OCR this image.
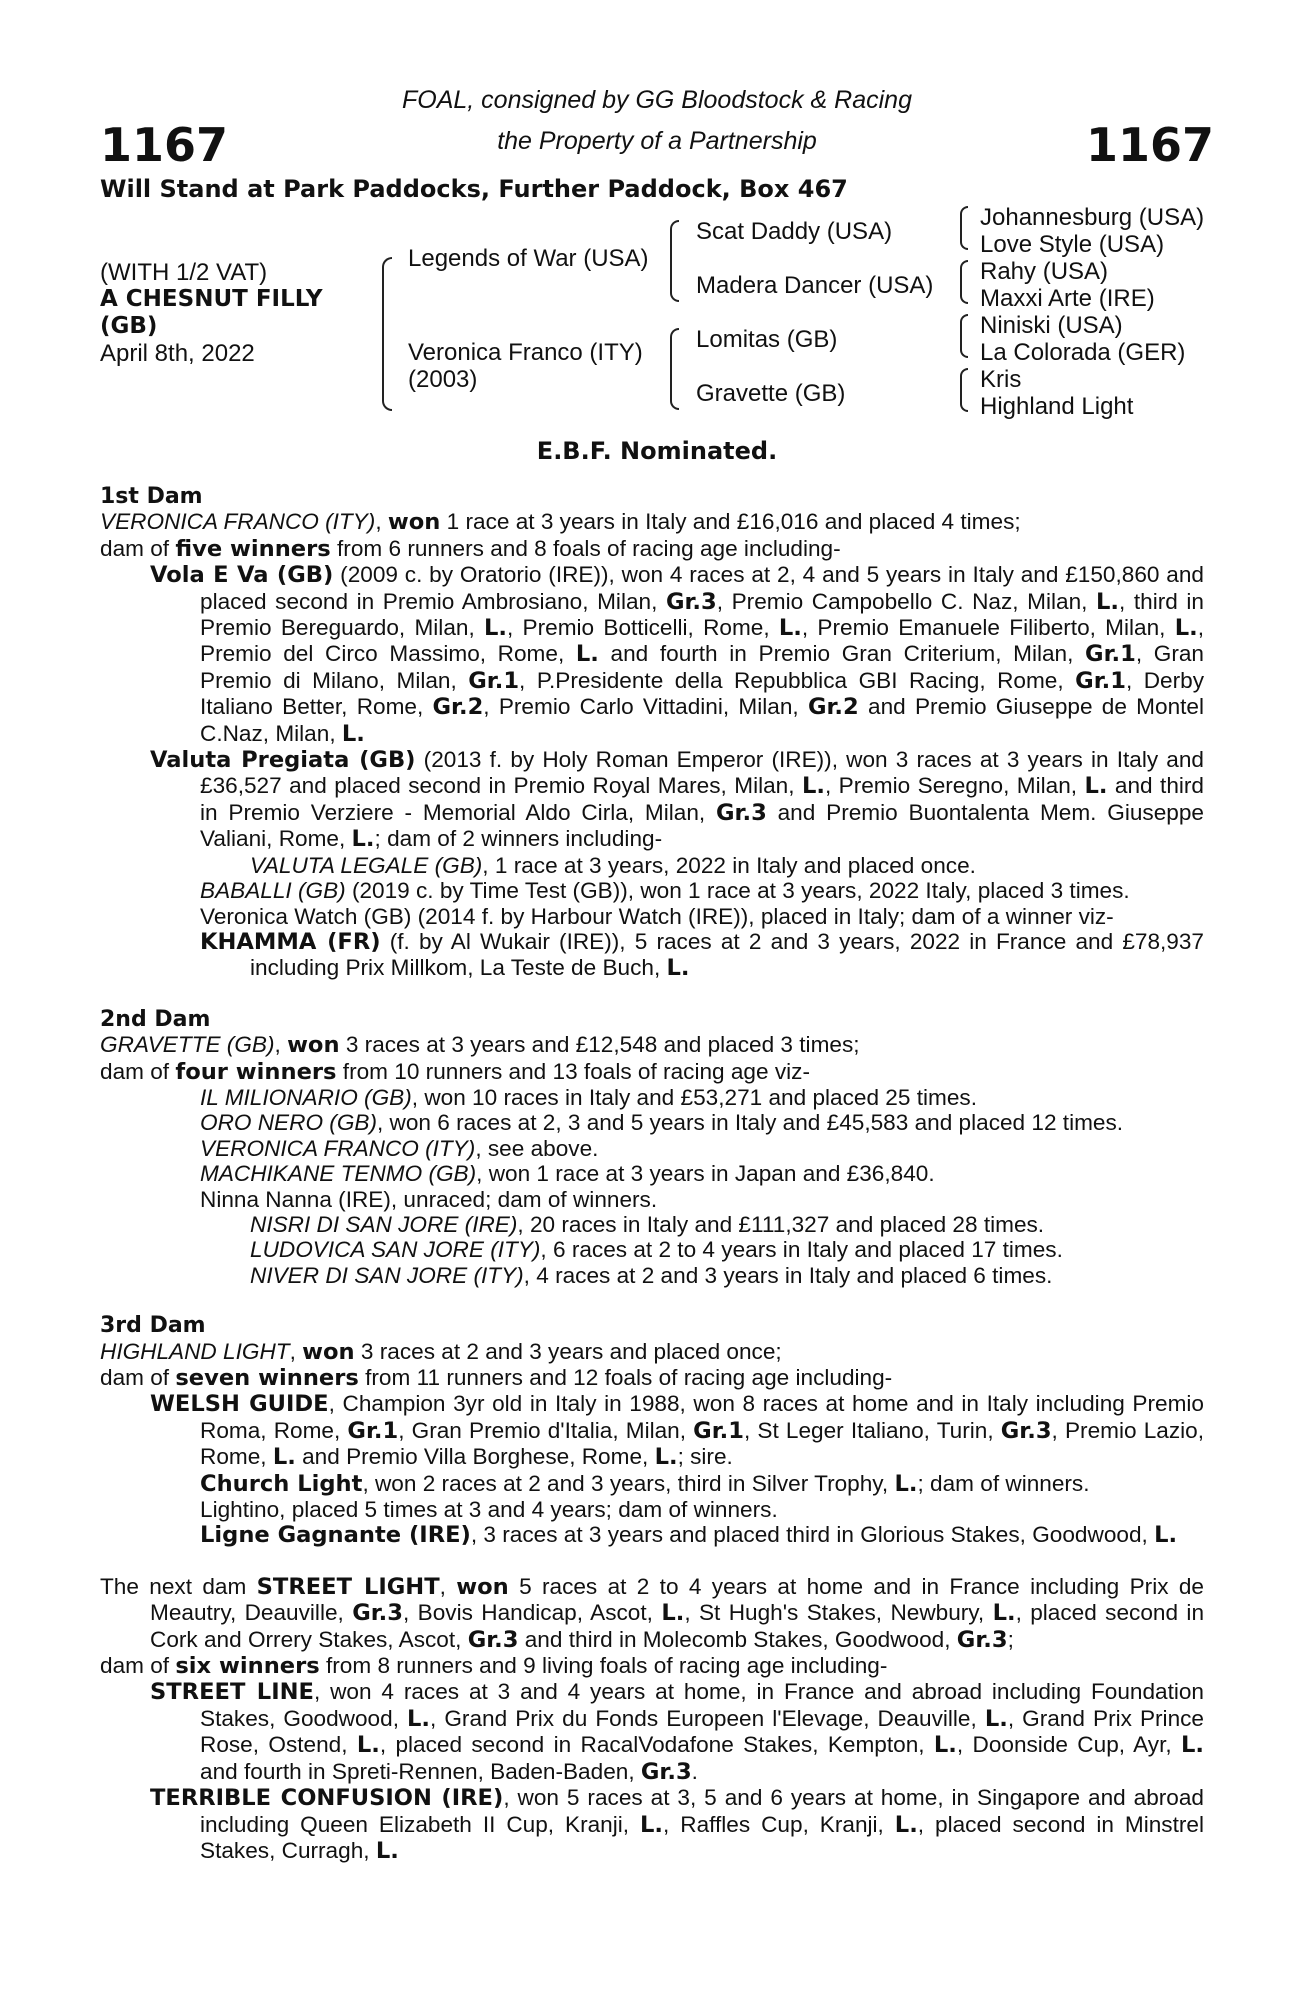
1167	1167
FOAL, consigned by GG Bloodstock & Racing
the Property of a Partnership
Will Stand at Park Paddocks, Further Paddock, Box 467
(WITH 1/2 VAT)
A CHESNUT FILLY
(GB)
April 8th, 2022
Legends of War (USA)
Veronica Franco (ITY)
(2003)
Scat Daddy (USA)
Madera Dancer (USA)
Lomitas (GB)
Gravette (GB)
Johannesburg (USA)
Love Style (USA)
Rahy (USA)
Maxxi Arte (IRE)
Niniski (USA)
La Colorada (GER)
Kris
Highland Light
E.B.F. Nominated.

1st Dam

VERONICA FRANCO (ITY), won 1 race at 3 years in Italy and £16,016 and placed 4 times;

dam of five winners from 6 runners and 8 foals of racing age including-

Vola E Va (GB) (2009 c. by Oratorio (IRE)), won 4 races at 2, 4 and 5 years in Italy and £150,860 and placed second in Premio Ambrosiano, Milan, Gr.3, Premio Campobello C. Naz, Milan, L., third in Premio Bereguardo, Milan, L., Premio Botticelli, Rome, L., Premio Emanuele Filiberto, Milan, L., Premio del Circo Massimo, Rome, L. and fourth in Premio Gran Criterium, Milan, Gr.1, Gran Premio di Milano, Milan, Gr.1, P.Presidente della Repubblica GBI Racing, Rome, Gr.1, Derby Italiano Better, Rome, Gr.2, Premio Carlo Vittadini, Milan, Gr.2 and Premio Giuseppe de Montel C.Naz, Milan, L.

Valuta Pregiata (GB) (2013 f. by Holy Roman Emperor (IRE)), won 3 races at 3 years in Italy and £36,527 and placed second in Premio Royal Mares, Milan, L., Premio Seregno, Milan, L. and third in Premio Verziere - Memorial Aldo Cirla, Milan, Gr.3 and Premio Buontalenta Mem. Giuseppe Valiani, Rome, L.; dam of 2 winners including-

VALUTA LEGALE (GB), 1 race at 3 years, 2022 in Italy and placed once.

BABALLI (GB) (2019 c. by Time Test (GB)), won 1 race at 3 years, 2022 Italy, placed 3 times.

Veronica Watch (GB) (2014 f. by Harbour Watch (IRE)), placed in Italy; dam of a winner viz-

KHAMMA (FR) (f. by Al Wukair (IRE)), 5 races at 2 and 3 years, 2022 in France and £78,937 including Prix Millkom, La Teste de Buch, L.

2nd Dam

GRAVETTE (GB), won 3 races at 3 years and £12,548 and placed 3 times;

dam of four winners from 10 runners and 13 foals of racing age viz-

IL MILIONARIO (GB), won 10 races in Italy and £53,271 and placed 25 times.

ORO NERO (GB), won 6 races at 2, 3 and 5 years in Italy and £45,583 and placed 12 times.

VERONICA FRANCO (ITY), see above.

MACHIKANE TENMO (GB), won 1 race at 3 years in Japan and £36,840.

Ninna Nanna (IRE), unraced; dam of winners.

NISRI DI SAN JORE (IRE), 20 races in Italy and £111,327 and placed 28 times.

LUDOVICA SAN JORE (ITY), 6 races at 2 to 4 years in Italy and placed 17 times.

NIVER DI SAN JORE (ITY), 4 races at 2 and 3 years in Italy and placed 6 times.

3rd Dam

HIGHLAND LIGHT, won 3 races at 2 and 3 years and placed once;

dam of seven winners from 11 runners and 12 foals of racing age including-

WELSH GUIDE, Champion 3yr old in Italy in 1988, won 8 races at home and in Italy including Premio Roma, Rome, Gr.1, Gran Premio d'Italia, Milan, Gr.1, St Leger Italiano, Turin, Gr.3, Premio Lazio, Rome, L. and Premio Villa Borghese, Rome, L.; sire.

Church Light, won 2 races at 2 and 3 years, third in Silver Trophy, L.; dam of winners.

Lightino, placed 5 times at 3 and 4 years; dam of winners.

Ligne Gagnante (IRE), 3 races at 3 years and placed third in Glorious Stakes, Goodwood, L.

The next dam STREET LIGHT, won 5 races at 2 to 4 years at home and in France including Prix de Meautry, Deauville, Gr.3, Bovis Handicap, Ascot, L., St Hugh's Stakes, Newbury, L., placed second in Cork and Orrery Stakes, Ascot, Gr.3 and third in Molecomb Stakes, Goodwood, Gr.3;

dam of six winners from 8 runners and 9 living foals of racing age including-

STREET LINE, won 4 races at 3 and 4 years at home, in France and abroad including Foundation Stakes, Goodwood, L., Grand Prix du Fonds Europeen l'Elevage, Deauville, L., Grand Prix Prince Rose, Ostend, L., placed second in RacalVodafone Stakes, Kempton, L., Doonside Cup, Ayr, L. and fourth in Spreti-Rennen, Baden-Baden, Gr.3.

TERRIBLE CONFUSION (IRE), won 5 races at 3, 5 and 6 years at home, in Singapore and abroad including Queen Elizabeth II Cup, Kranji, L., Raffles Cup, Kranji, L., placed second in Minstrel Stakes, Curragh, L.
